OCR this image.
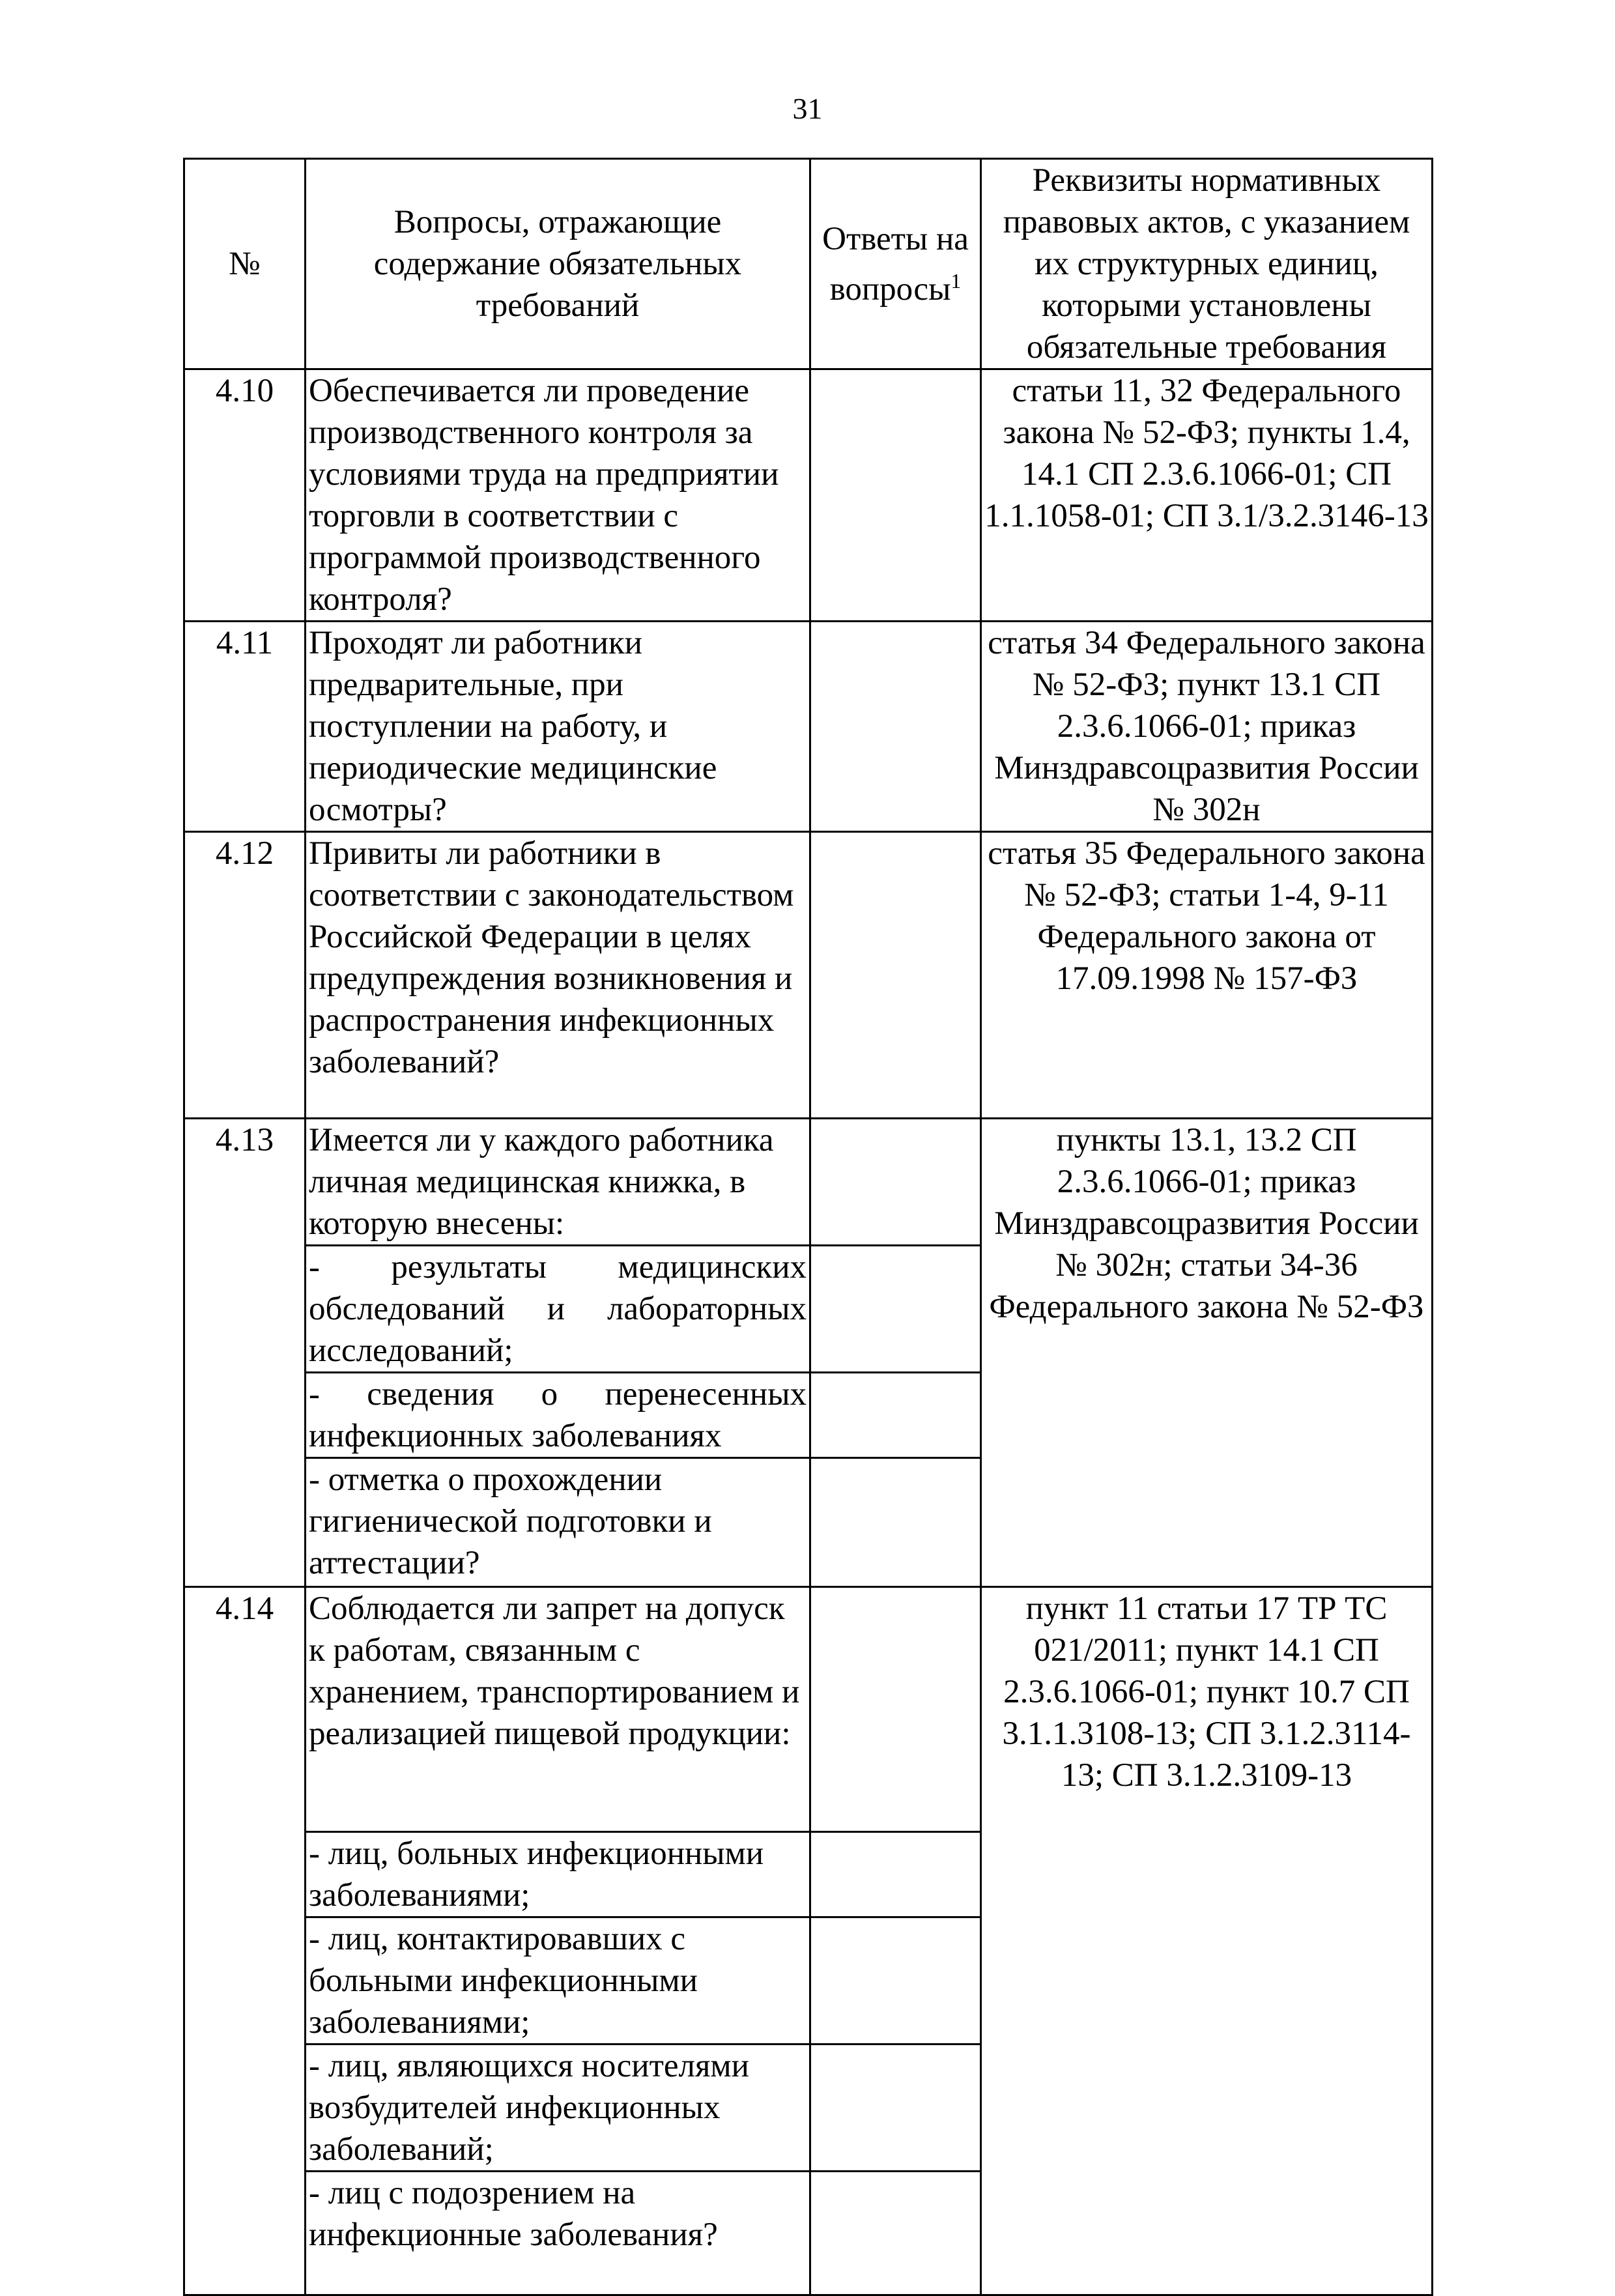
31
№	Вопросы, отражающие содержание обязательных требований	Ответы на вопросы$^1$	Реквизиты нормативных правовых актов, с указанием их структурных единиц, которыми установлены обязательные требования
4.10	Обеспечивается ли проведение производственного контроля за условиями труда на предприятии торговли в соответствии с программой производственного контроля?		статьи 11, 32 Федерального закона № 52-ФЗ; пункты 1.4, 14.1 СП 2.3.6.1066-01; СП 1.1.1058-01; СП 3.1/3.2.3146-13
4.11	Проходят ли работники предварительные, при поступлении на работу, и периодические медицинские осмотры?		статья 34 Федерального закона № 52-ФЗ; пункт 13.1 СП 2.3.6.1066-01; приказ Минздравсоцразвития России № 302н
4.12	Привиты ли работники в соответствии с законодательством Российской Федерации в целях предупреждения возникновения и распространения инфекционных заболеваний?		статья 35 Федерального закона № 52-ФЗ; статьи 1-4, 9-11 Федерального закона от 17.09.1998 № 157-ФЗ
4.13	Имеется ли у каждого работника личная медицинская книжка, в которую внесены:		пункты 13.1, 13.2 СП 2.3.6.1066-01; приказ Минздравсоцразвития России № 302н; статьи 34-36 Федерального закона № 52-ФЗ
	- результаты медицинских обследований и лабораторных исследований;		
	- сведения о перенесенных инфекционных заболеваниях		
	- отметка о прохождении гигиенической подготовки и аттестации?		
4.14	Соблюдается ли запрет на допуск к работам, связанным с хранением, транспортированием и реализацией пищевой продукции:		пункт 11 статьи 17 ТР ТС 021/2011; пункт 14.1 СП 2.3.6.1066-01; пункт 10.7 СП 3.1.1.3108-13; СП 3.1.2.3114-13; СП 3.1.2.3109-13
	- лиц, больных инфекционными заболеваниями;		
	- лиц, контактировавших с больными инфекционными заболеваниями;		
	- лиц, являющихся носителями возбудителей инфекционных заболеваний;		
	- лиц с подозрением на инфекционные заболевания?		
